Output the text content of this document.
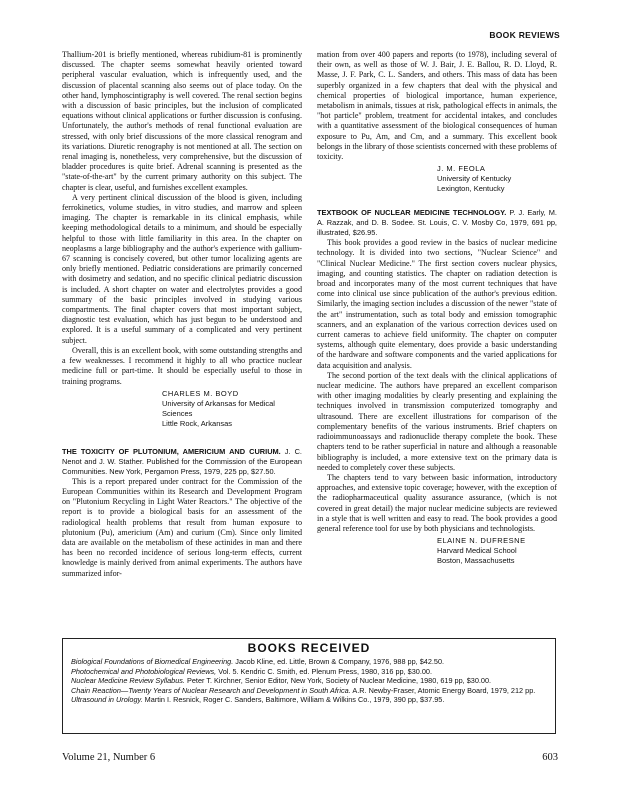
BOOK REVIEWS

Thallium-201 is briefly mentioned, whereas rubidium-81 is prominently discussed. The chapter seems somewhat heavily oriented toward peripheral vascular evaluation, which is infrequently used, and the discussion of placental scanning also seems out of place today. On the other hand, lymphoscintigraphy is well covered. The renal section begins with a discussion of basic principles, but the inclusion of complicated equations without clinical applications or further discussion is confusing. Unfortunately, the author's methods of renal functional evaluation are stressed, with only brief discussions of the more classical renogram and its variations. Diuretic renography is not mentioned at all. The section on renal imaging is, nonetheless, very comprehensive, but the discussion of bladder procedures is quite brief. Adrenal scanning is presented as the "state-of-the-art" by the current primary authority on this subject. The chapter is clear, useful, and furnishes excellent examples.

A very pertinent clinical discussion of the blood is given, including ferrokinetics, volume studies, in vitro studies, and marrow and spleen imaging. The chapter is remarkable in its clinical emphasis, while keeping methodological details to a minimum, and should be especially helpful to those with little familiarity in this area. In the chapter on neoplasms a large bibliography and the author's experience with gallium-67 scanning is concisely covered, but other tumor localizing agents are only briefly mentioned. Pediatric considerations are primarily concerned with dosimetry and sedation, and no specific clinical pediatric discussion is included. A short chapter on water and electrolytes provides a good summary of the basic principles involved in studying various compartments. The final chapter covers that most important subject, diagnostic test evaluation, which has just begun to be understood and explored. It is a useful summary of a complicated and very pertinent subject.

Overall, this is an excellent book, with some outstanding strengths and a few weaknesses. I recommend it highly to all who practice nuclear medicine full or part-time. It should be especially useful to those in training programs.

CHARLES M. BOYD
University of Arkansas for Medical Sciences
Little Rock, Arkansas
THE TOXICITY OF PLUTONIUM, AMERICIUM AND CURIUM. J. C. Nenot and J. W. Stather. Published for the Commission of the European Communities. New York, Pergamon Press, 1979, 225 pp, $27.50.

This is a report prepared under contract for the Commission of the European Communities within its Research and Development Program on "Plutonium Recycling in Light Water Reactors." The objective of the report is to provide a biological basis for an assessment of the radiological health problems that result from human exposure to plutonium (Pu), americium (Am) and curium (Cm). Since only limited data are available on the metabolism of these actinides in man and there has been no recorded incidence of serious long-term effects, current knowledge is mainly derived from animal experiments. The authors have summarized infor-

mation from over 400 papers and reports (to 1978), including several of their own, as well as those of W. J. Bair, J. E. Ballou, R. D. Lloyd, R. Masse, J. F. Park, C. L. Sanders, and others. This mass of data has been superbly organized in a few chapters that deal with the physical and chemical properties of biological importance, human experience, metabolism in animals, tissues at risk, pathological effects in animals, the "hot particle" problem, treatment for accidental intakes, and concludes with a quantitative assessment of the biological consequences of human exposure to Pu, Am, and Cm, and a summary. This excellent book belongs in the library of those scientists concerned with these problems of toxicity.

J. M. FEOLA
University of Kentucky
Lexington, Kentucky
TEXTBOOK OF NUCLEAR MEDICINE TECHNOLOGY. P. J. Early, M. A. Razzak, and D. B. Sodee. St. Louis, C. V. Mosby Co, 1979, 691 pp, illustrated, $26.95.

This book provides a good review in the basics of nuclear medicine technology. It is divided into two sections, "Nuclear Science" and "Clinical Nuclear Medicine." The first section covers nuclear physics, imaging, and counting statistics. The chapter on radiation detection is broad and incorporates many of the most current techniques that have come into clinical use since publication of the author's previous edition. Similarly, the imaging section includes a discussion of the newer "state of the art" instrumentation, such as total body and emission tomographic scanners, and an explanation of the various correction devices used on current cameras to achieve field uniformity. The chapter on computer systems, although quite elementary, does provide a basic understanding of the hardware and software components and the varied applications for data acquisition and analysis.

The second portion of the text deals with the clinical applications of nuclear medicine. The authors have prepared an excellent comparison with other imaging modalities by clearly presenting and explaining the techniques involved in transmission computerized tomography and ultrasound. There are excellent illustrations for comparison of the complementary benefits of the various instruments. Brief chapters on radioimmunoassays and radionuclide therapy complete the book. These chapters tend to be rather superficial in nature and although a reasonable bibliography is included, a more extensive text on the primary data is needed to completely cover these subjects.

The chapters tend to vary between basic information, introductory approaches, and extensive topic coverage; however, with the exception of the radiopharmaceutical quality assurance assurance, (which is not covered in great detail) the major nuclear medicine subjects are reviewed in a style that is well written and easy to read. The book provides a good general reference tool for use by both physicians and technologists.

ELAINE N. DUFRESNE
Harvard Medical School
Boston, Massachusetts
BOOKS RECEIVED
Biological Foundations of Biomedical Engineering. Jacob Kline, ed. Little, Brown & Company, 1976, 988 pp, $42.50.
Photochemical and Photobiological Reviews, Vol. 5. Kendric C. Smith, ed. Plenum Press, 1980, 316 pp, $30.00.
Nuclear Medicine Review Syllabus. Peter T. Kirchner, Senior Editor, New York, Society of Nuclear Medicine, 1980, 619 pp, $30.00.
Chain Reaction—Twenty Years of Nuclear Research and Development in South Africa. A.R. Newby-Fraser, Atomic Energy Board, 1979, 212 pp.
Ultrasound in Urology. Martin I. Resnick, Roger C. Sanders, Baltimore, William & Wilkins Co., 1979, 390 pp, $37.95.
Volume 21, Number 6	603
